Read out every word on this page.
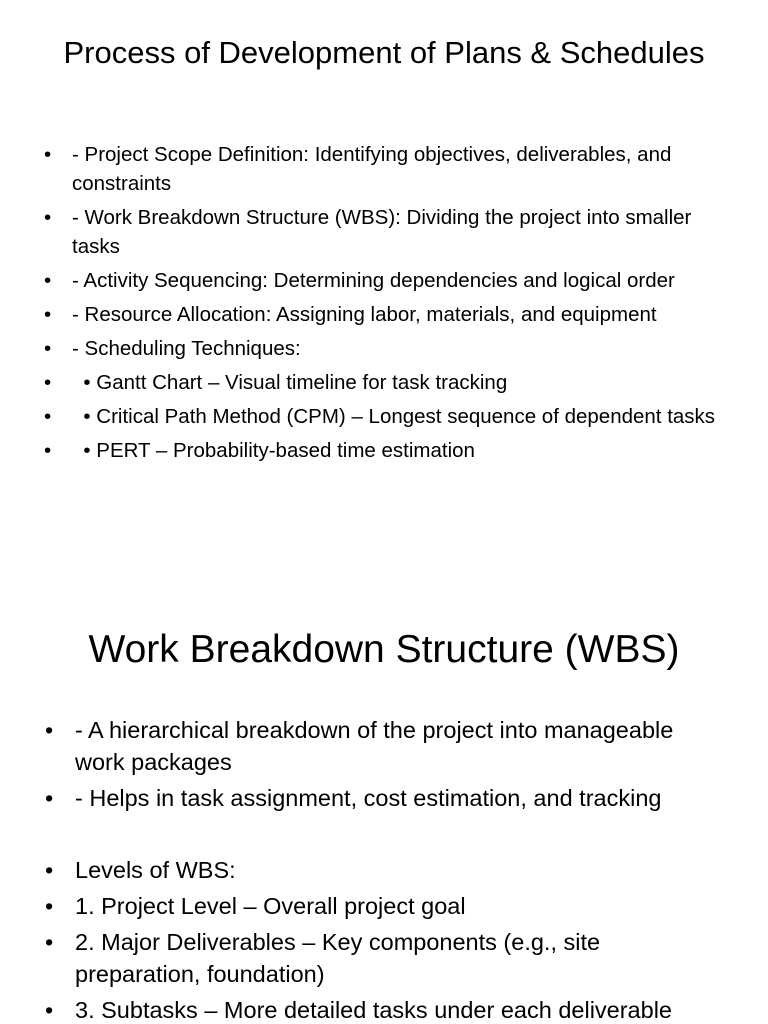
Process of Development of Plans & Schedules
• - Project Scope Definition: Identifying objectives, deliverables, and constraints
• - Work Breakdown Structure (WBS): Dividing the project into smaller tasks
• - Activity Sequencing: Determining dependencies and logical order
• - Resource Allocation: Assigning labor, materials, and equipment
• - Scheduling Techniques:
• • Gantt Chart – Visual timeline for task tracking
• • Critical Path Method (CPM) – Longest sequence of dependent tasks
• • PERT – Probability-based time estimation
Work Breakdown Structure (WBS)
• - A hierarchical breakdown of the project into manageable work packages
• - Helps in task assignment, cost estimation, and tracking
• Levels of WBS:
• 1. Project Level – Overall project goal
• 2. Major Deliverables – Key components (e.g., site preparation, foundation)
• 3. Subtasks – More detailed tasks under each deliverable
